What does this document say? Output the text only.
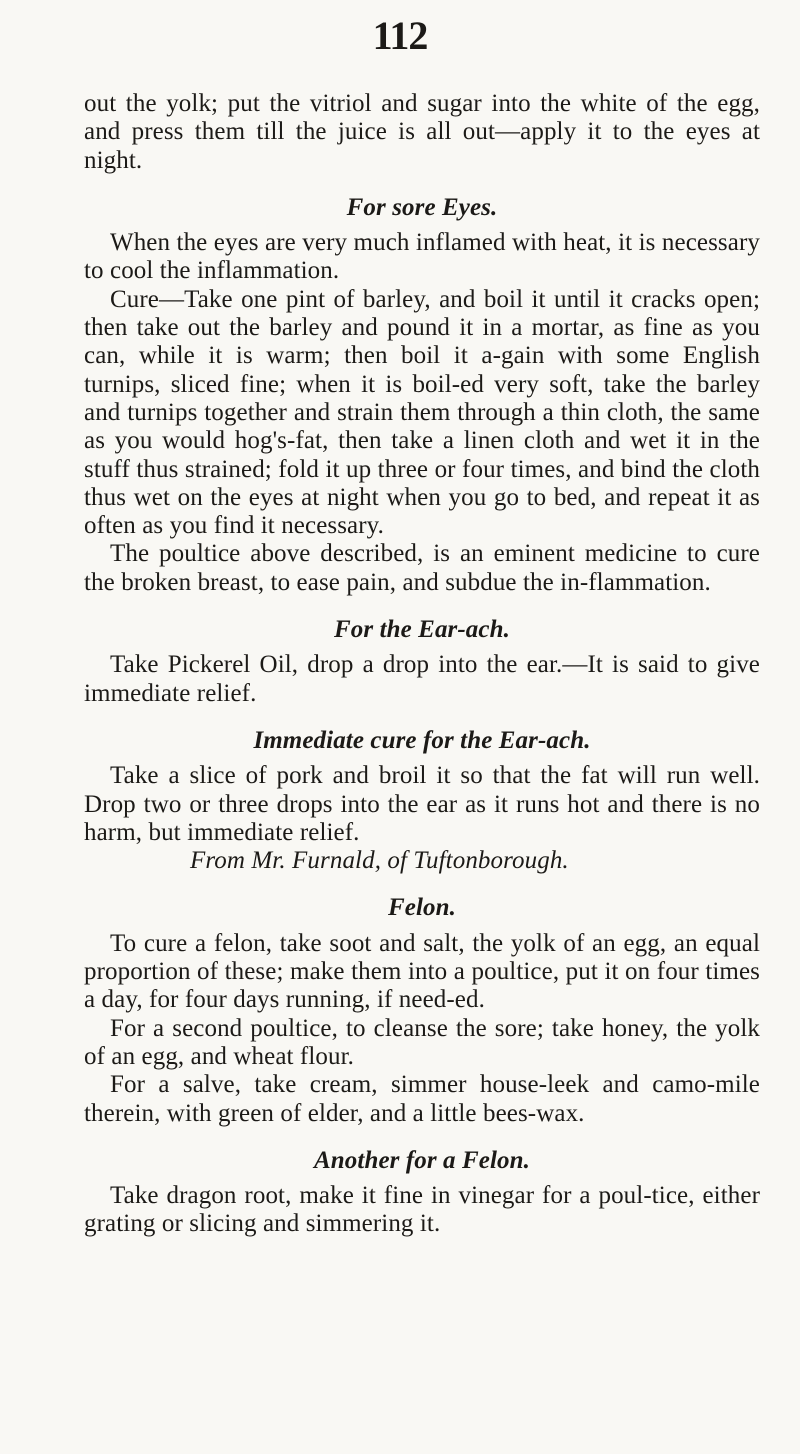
112

out the yolk; put the vitriol and sugar into the white of the egg, and press them till the juice is all out—apply it to the eyes at night.

For sore Eyes.

When the eyes are very much inflamed with heat, it is necessary to cool the inflammation.

Cure—Take one pint of barley, and boil it until it cracks open; then take out the barley and pound it in a mortar, as fine as you can, while it is warm; then boil it a-gain with some English turnips, sliced fine; when it is boil-ed very soft, take the barley and turnips together and strain them through a thin cloth, the same as you would hog's-fat, then take a linen cloth and wet it in the stuff thus strained; fold it up three or four times, and bind the cloth thus wet on the eyes at night when you go to bed, and repeat it as often as you find it necessary.

The poultice above described, is an eminent medicine to cure the broken breast, to ease pain, and subdue the in-flammation.

For the Ear-ach.

Take Pickerel Oil, drop a drop into the ear.—It is said to give immediate relief.

Immediate cure for the Ear-ach.

Take a slice of pork and broil it so that the fat will run well. Drop two or three drops into the ear as it runs hot and there is no harm, but immediate relief.

From Mr. Furnald, of Tuftonborough.

Felon.

To cure a felon, take soot and salt, the yolk of an egg, an equal proportion of these; make them into a poultice, put it on four times a day, for four days running, if need-ed.

For a second poultice, to cleanse the sore; take honey, the yolk of an egg, and wheat flour.

For a salve, take cream, simmer house-leek and camo-mile therein, with green of elder, and a little bees-wax.

Another for a Felon.

Take dragon root, make it fine in vinegar for a poul-tice, either grating or slicing and simmering it.
